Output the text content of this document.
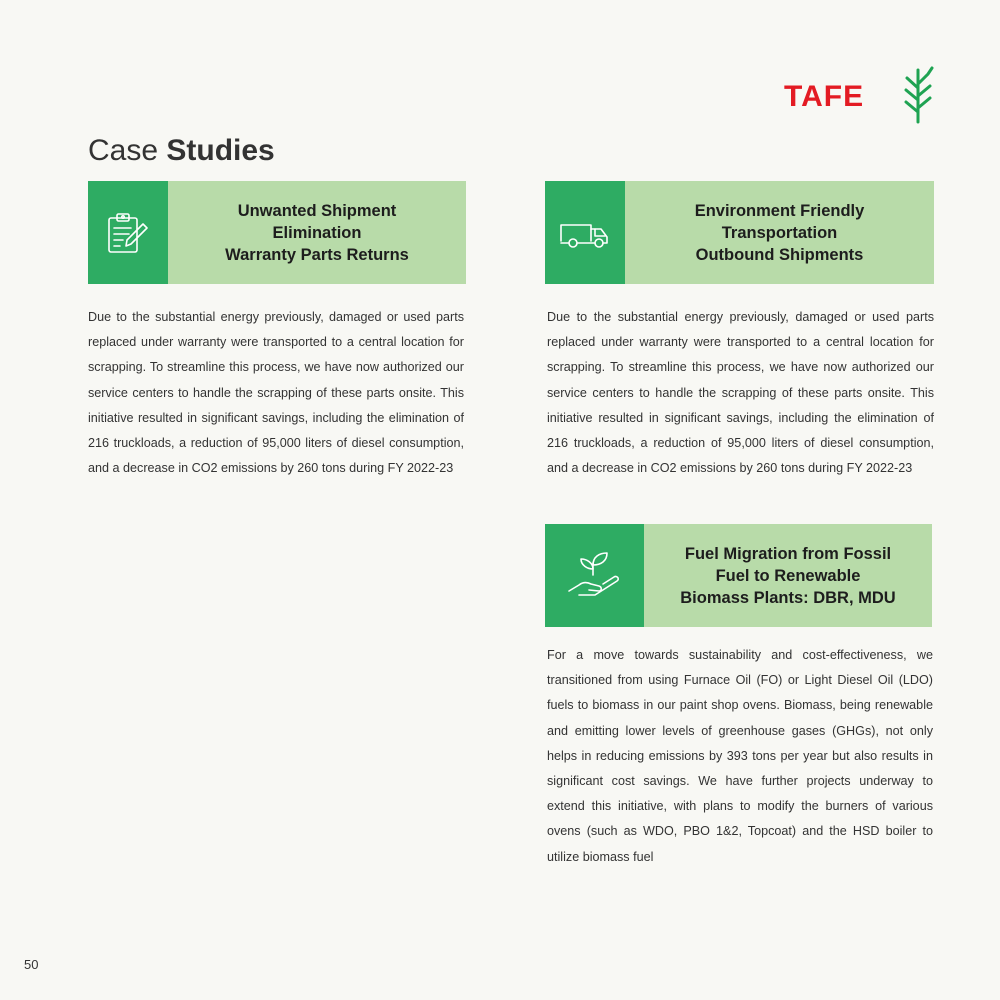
TAFE
Case Studies
Unwanted Shipment
Elimination
Warranty Parts Returns
Due to the substantial energy previously, damaged or used parts replaced under warranty were transported to a central location for scrapping. To streamline this process, we have now authorized our service centers to handle the scrapping of these parts onsite. This initiative resulted in significant savings, including the elimination of 216 truckloads, a reduction of 95,000 liters of diesel consumption, and a decrease in CO2 emissions by 260 tons during FY 2022-23
Environment Friendly
Transportation
Outbound Shipments
Due to the substantial energy previously, damaged or used parts replaced under warranty were transported to a central location for scrapping. To streamline this process, we have now authorized our service centers to handle the scrapping of these parts onsite. This initiative resulted in significant savings, including the elimination of 216 truckloads, a reduction of 95,000 liters of diesel consumption, and a decrease in CO2 emissions by 260 tons during FY 2022-23
Fuel Migration from Fossil
Fuel to Renewable
Biomass Plants: DBR, MDU
For a move towards sustainability and cost-effectiveness, we transitioned from using Furnace Oil (FO) or Light Diesel Oil (LDO) fuels to biomass in our paint shop ovens. Biomass, being renewable and emitting lower levels of greenhouse gases (GHGs), not only helps in reducing emissions by 393 tons per year but also results in significant cost savings. We have further projects underway to extend this initiative, with plans to modify the burners of various ovens (such as WDO, PBO 1&2, Topcoat) and the HSD boiler to utilize biomass fuel
50
